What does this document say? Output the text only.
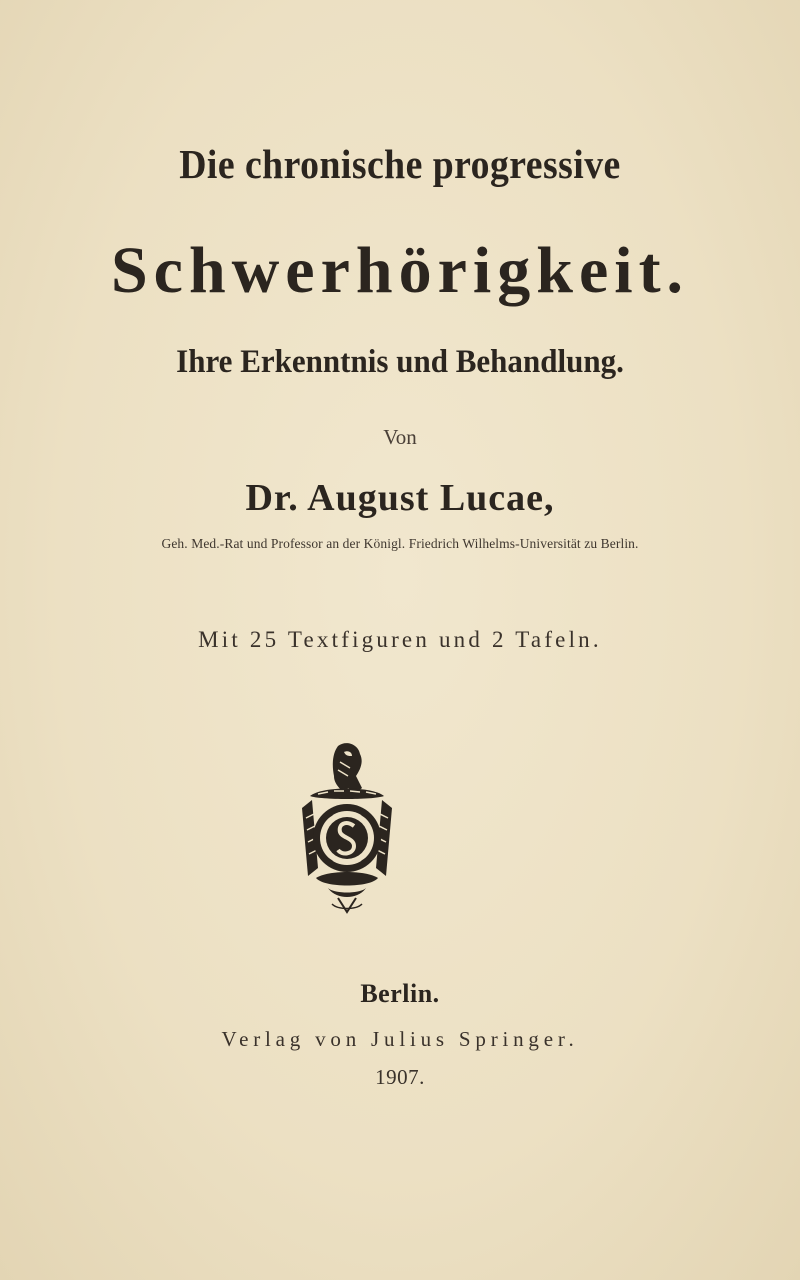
Die chronische progressive
Schwerhörigkeit.
Ihre Erkenntnis und Behandlung.
Von
Dr. August Lucae,
Geh. Med.-Rat und Professor an der Königl. Friedrich Wilhelms-Universität zu Berlin.
Mit 25 Textfiguren und 2 Tafeln.
Berlin.
Verlag von Julius Springer.
1907.
